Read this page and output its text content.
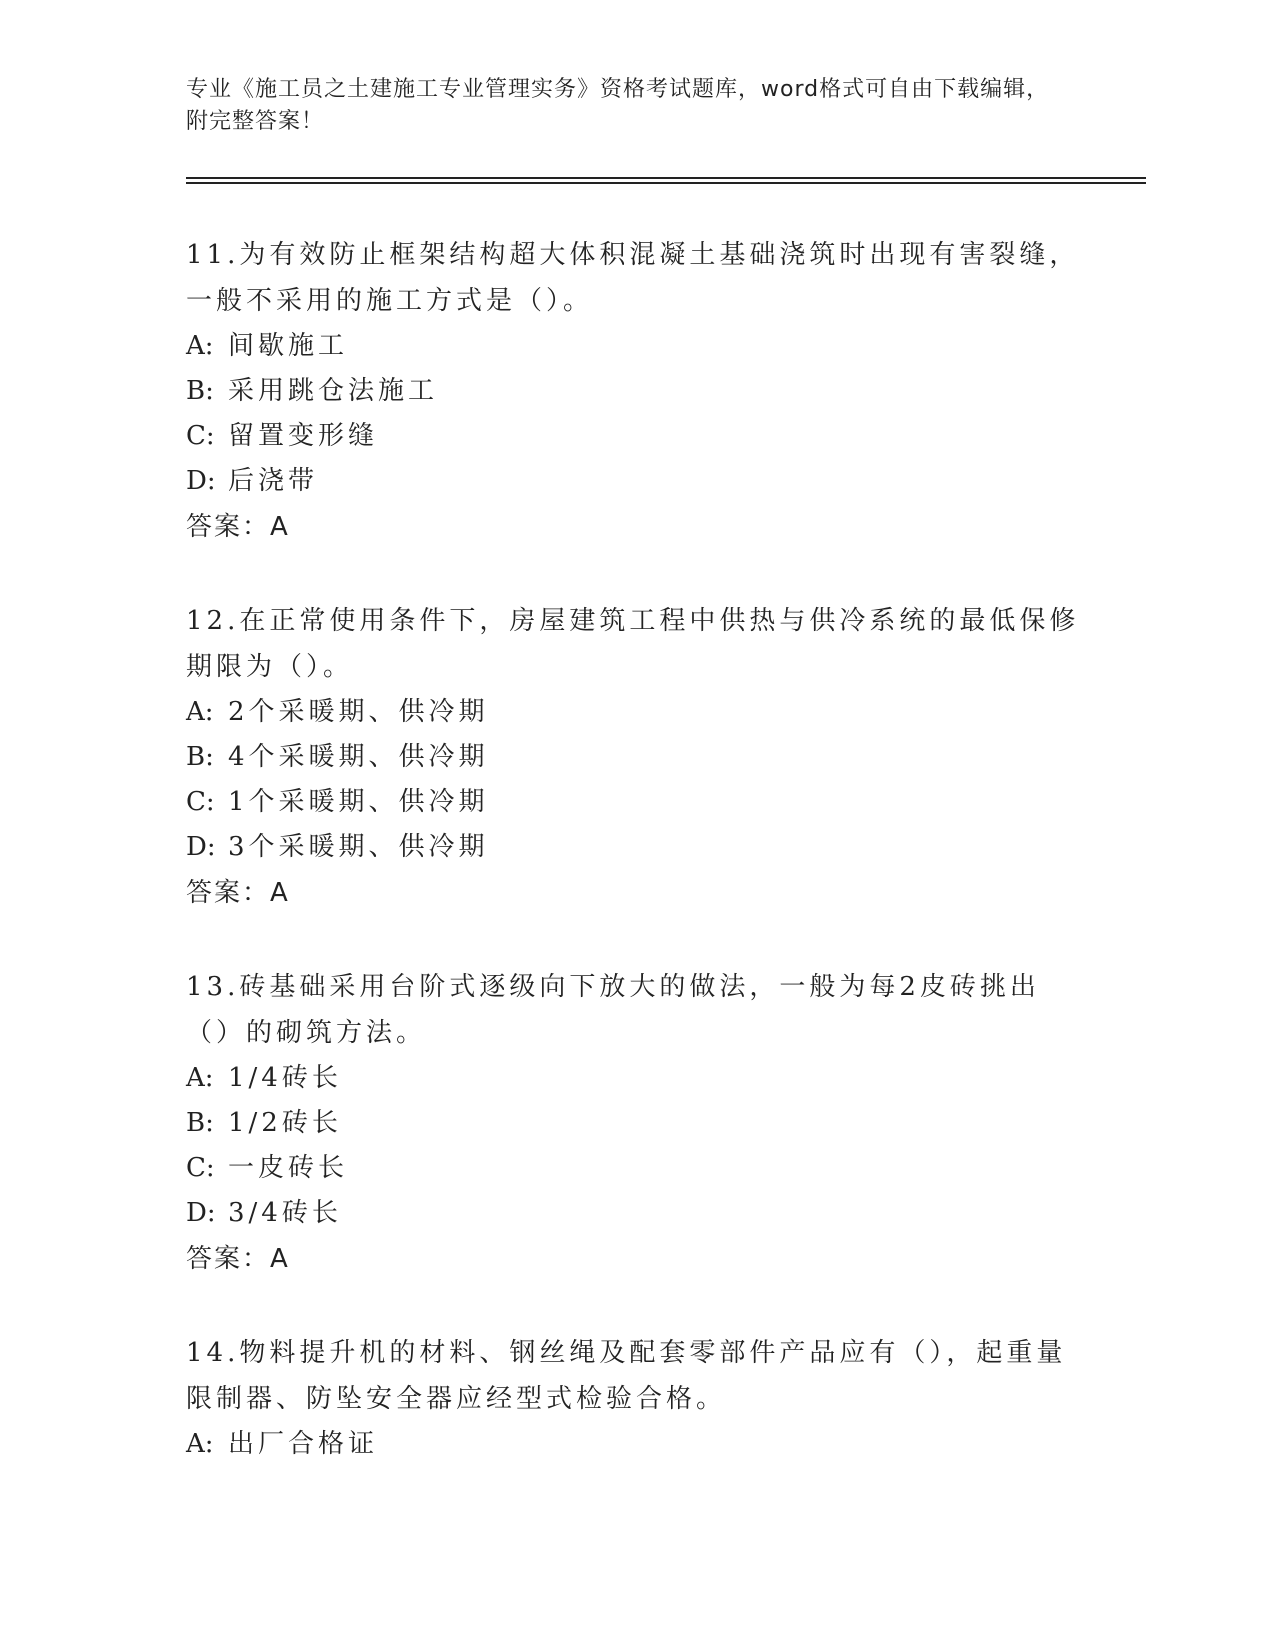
专业《施工员之土建施工专业管理实务》资格考试题库，word格式可自由下载编辑，附完整答案！
11.为有效防止框架结构超大体积混凝土基础浇筑时出现有害裂缝，一般不采用的施工方式是（）。
A: 间歇施工
B: 采用跳仓法施工
C: 留置变形缝
D: 后浇带
答案：A
12.在正常使用条件下，房屋建筑工程中供热与供冷系统的最低保修期限为（）。
A: 2个采暖期、供冷期
B: 4个采暖期、供冷期
C: 1个采暖期、供冷期
D: 3个采暖期、供冷期
答案：A
13.砖基础采用台阶式逐级向下放大的做法，一般为每2皮砖挑出（）的砌筑方法。
A: 1/4砖长
B: 1/2砖长
C: 一皮砖长
D: 3/4砖长
答案：A
14.物料提升机的材料、钢丝绳及配套零部件产品应有（），起重量限制器、防坠安全器应经型式检验合格。
A: 出厂合格证
